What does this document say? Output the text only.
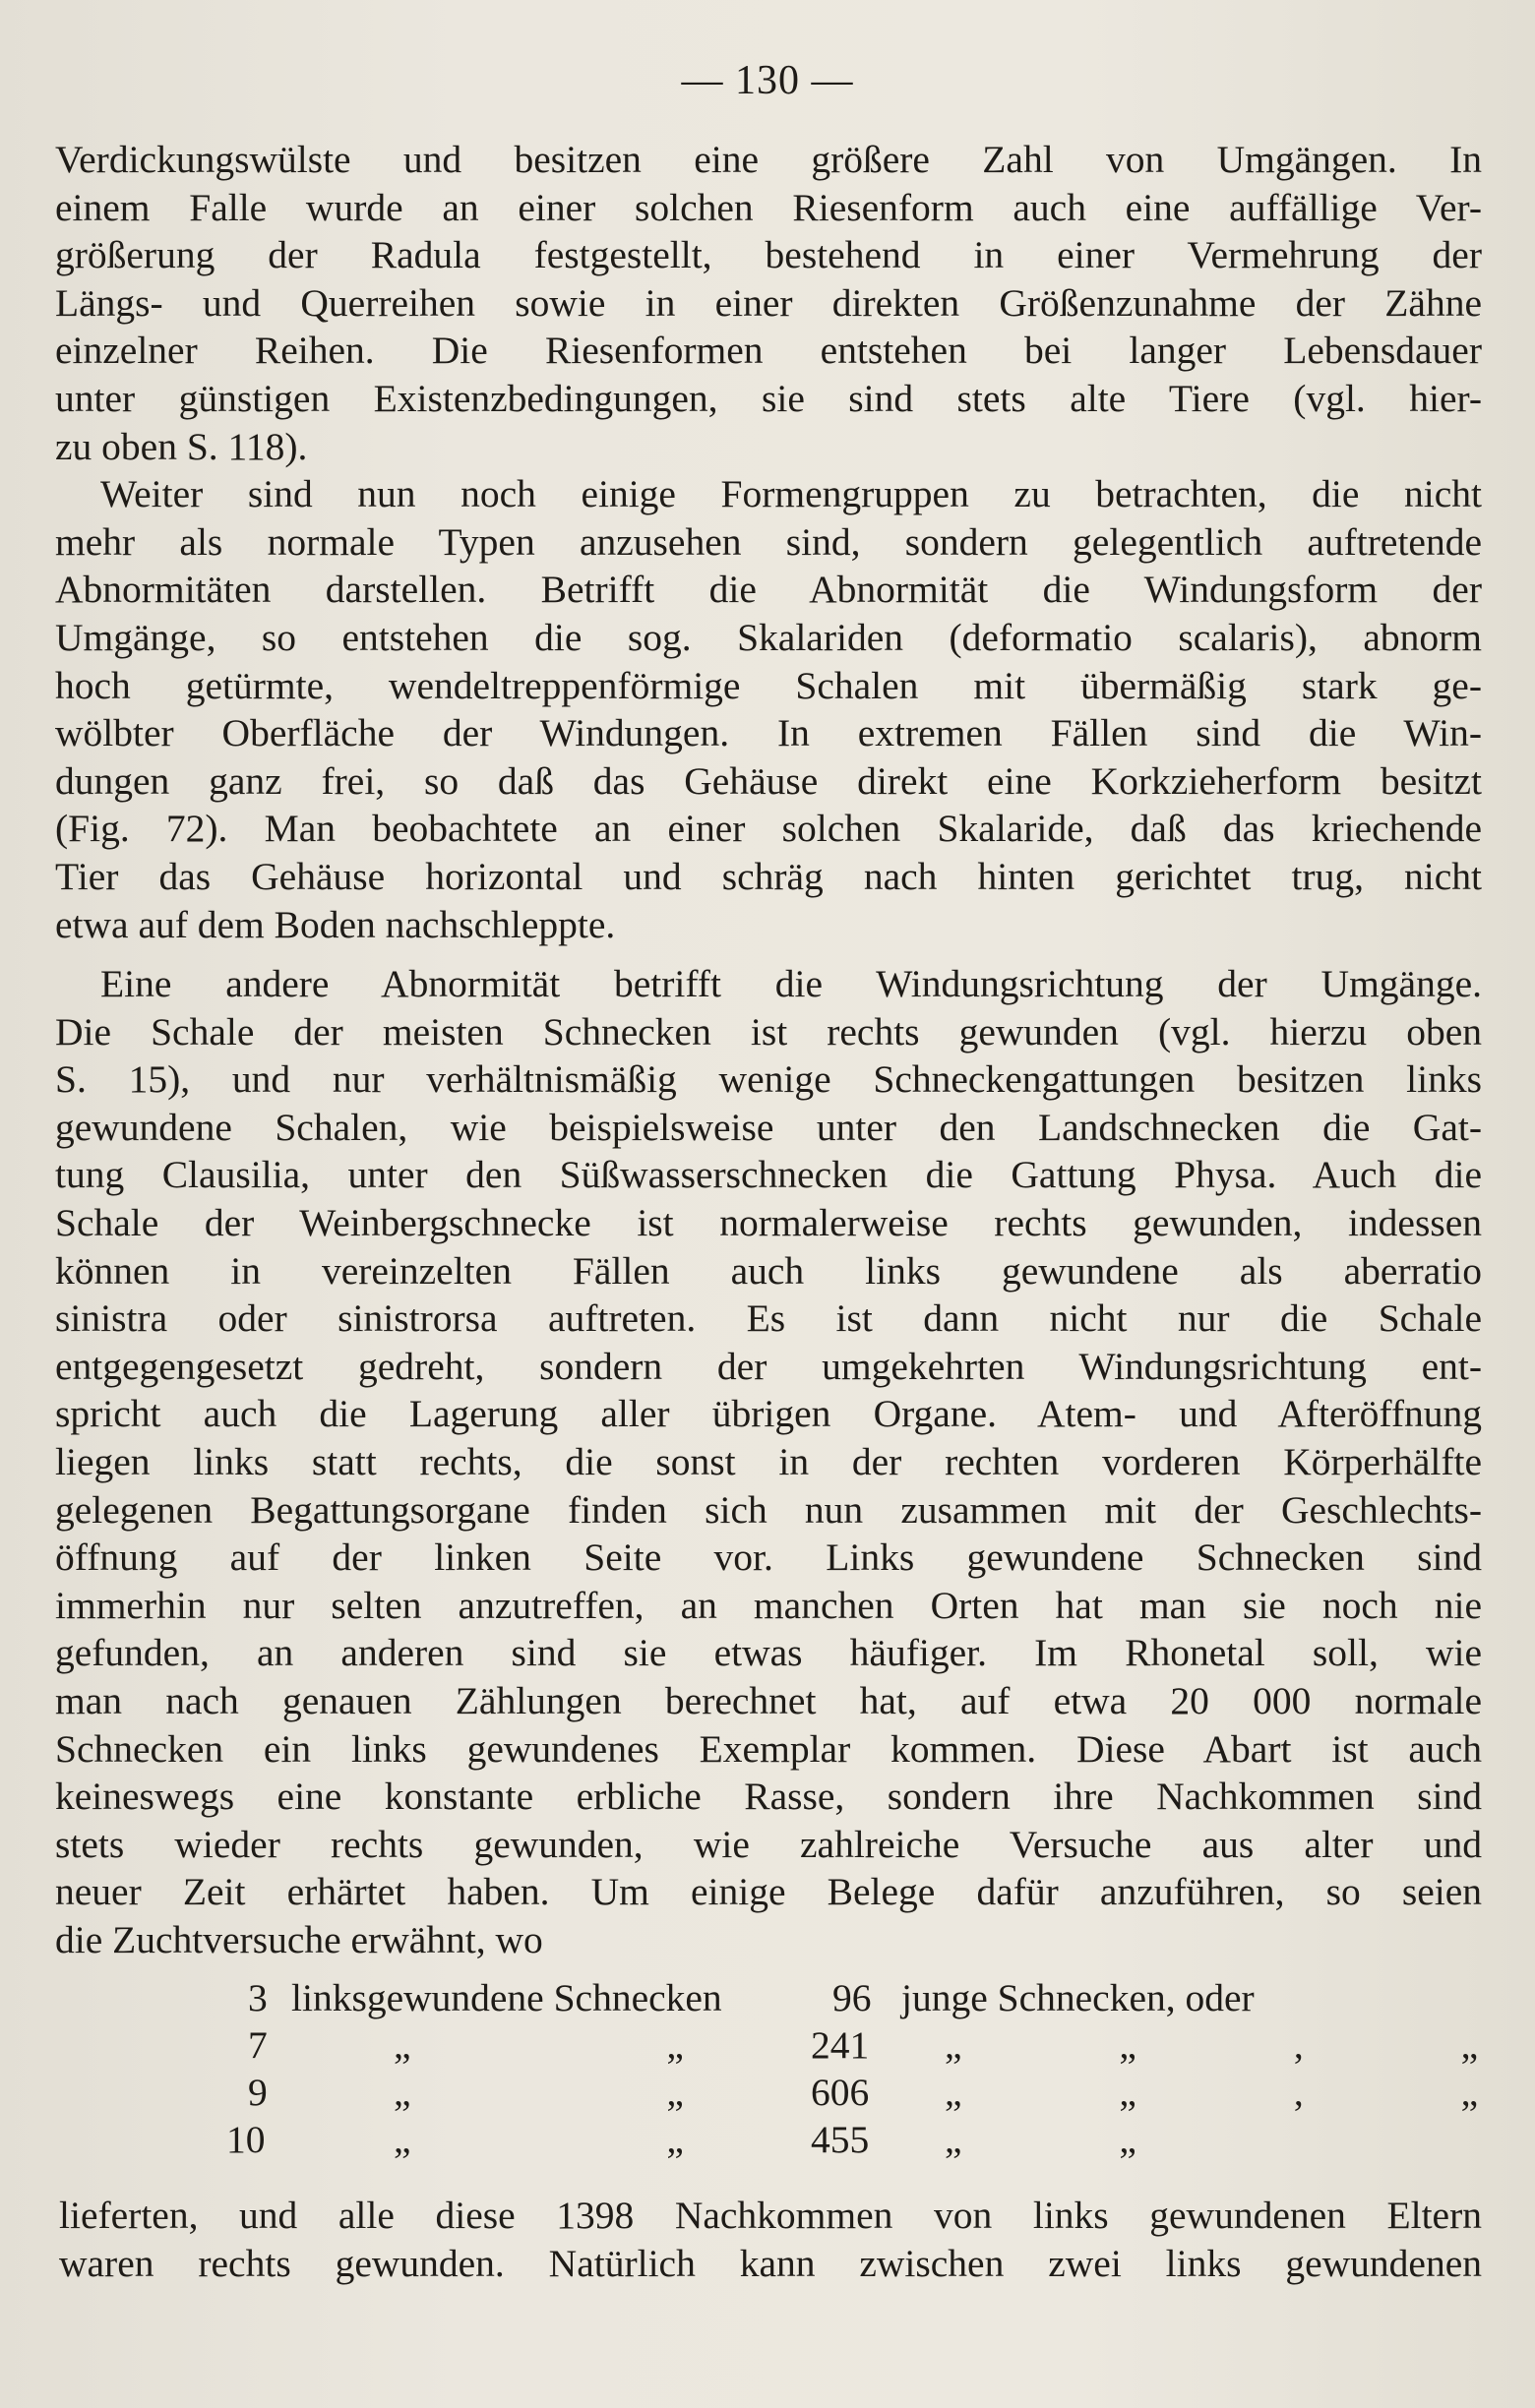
— 130 —
Verdickungswülste und besitzen eine größere Zahl von Umgängen. In
einem Falle wurde an einer solchen Riesenform auch eine auffällige Ver-
größerung der Radula festgestellt, bestehend in einer Vermehrung der
Längs- und Querreihen sowie in einer direkten Größenzunahme der Zähne
einzelner Reihen. Die Riesenformen entstehen bei langer Lebensdauer
unter günstigen Existenzbedingungen, sie sind stets alte Tiere (vgl. hier-
zu oben S. 118).
Weiter sind nun noch einige Formengruppen zu betrachten, die nicht
mehr als normale Typen anzusehen sind, sondern gelegentlich auftretende
Abnormitäten darstellen. Betrifft die Abnormität die Windungsform der
Umgänge, so entstehen die sog. Skalariden (deformatio scalaris), abnorm
hoch getürmte, wendeltreppenförmige Schalen mit übermäßig stark ge-
wölbter Oberfläche der Windungen. In extremen Fällen sind die Win-
dungen ganz frei, so daß das Gehäuse direkt eine Korkzieherform besitzt
(Fig. 72). Man beobachtete an einer solchen Skalaride, daß das kriechende
Tier das Gehäuse horizontal und schräg nach hinten gerichtet trug, nicht
etwa auf dem Boden nachschleppte.
Eine andere Abnormität betrifft die Windungsrichtung der Umgänge.
Die Schale der meisten Schnecken ist rechts gewunden (vgl. hierzu oben
S. 15), und nur verhältnismäßig wenige Schneckengattungen besitzen links
gewundene Schalen, wie beispielsweise unter den Landschnecken die Gat-
tung Clausilia, unter den Süßwasserschnecken die Gattung Physa. Auch die
Schale der Weinbergschnecke ist normalerweise rechts gewunden, indessen
können in vereinzelten Fällen auch links gewundene als aberratio
sinistra oder sinistrorsa auftreten. Es ist dann nicht nur die Schale
entgegengesetzt gedreht, sondern der umgekehrten Windungsrichtung ent-
spricht auch die Lagerung aller übrigen Organe. Atem- und Afteröffnung
liegen links statt rechts, die sonst in der rechten vorderen Körperhälfte
gelegenen Begattungsorgane finden sich nun zusammen mit der Geschlechts-
öffnung auf der linken Seite vor. Links gewundene Schnecken sind
immerhin nur selten anzutreffen, an manchen Orten hat man sie noch nie
gefunden, an anderen sind sie etwas häufiger. Im Rhonetal soll, wie
man nach genauen Zählungen berechnet hat, auf etwa 20 000 normale
Schnecken ein links gewundenes Exemplar kommen. Diese Abart ist auch
keineswegs eine konstante erbliche Rasse, sondern ihre Nachkommen sind
stets wieder rechts gewunden, wie zahlreiche Versuche aus alter und
neuer Zeit erhärtet haben. Um einige Belege dafür anzuführen, so seien
die Zuchtversuche erwähnt, wo
3 linksgewundene Schnecken	96 junge Schnecken, oder
7	„ „	241 „ „ , „
9	„ „	606 „ „ , „
10	„ „	455 „ „
lieferten, und alle diese 1398 Nachkommen von links gewundenen Eltern
waren rechts gewunden. Natürlich kann zwischen zwei links gewundenen
